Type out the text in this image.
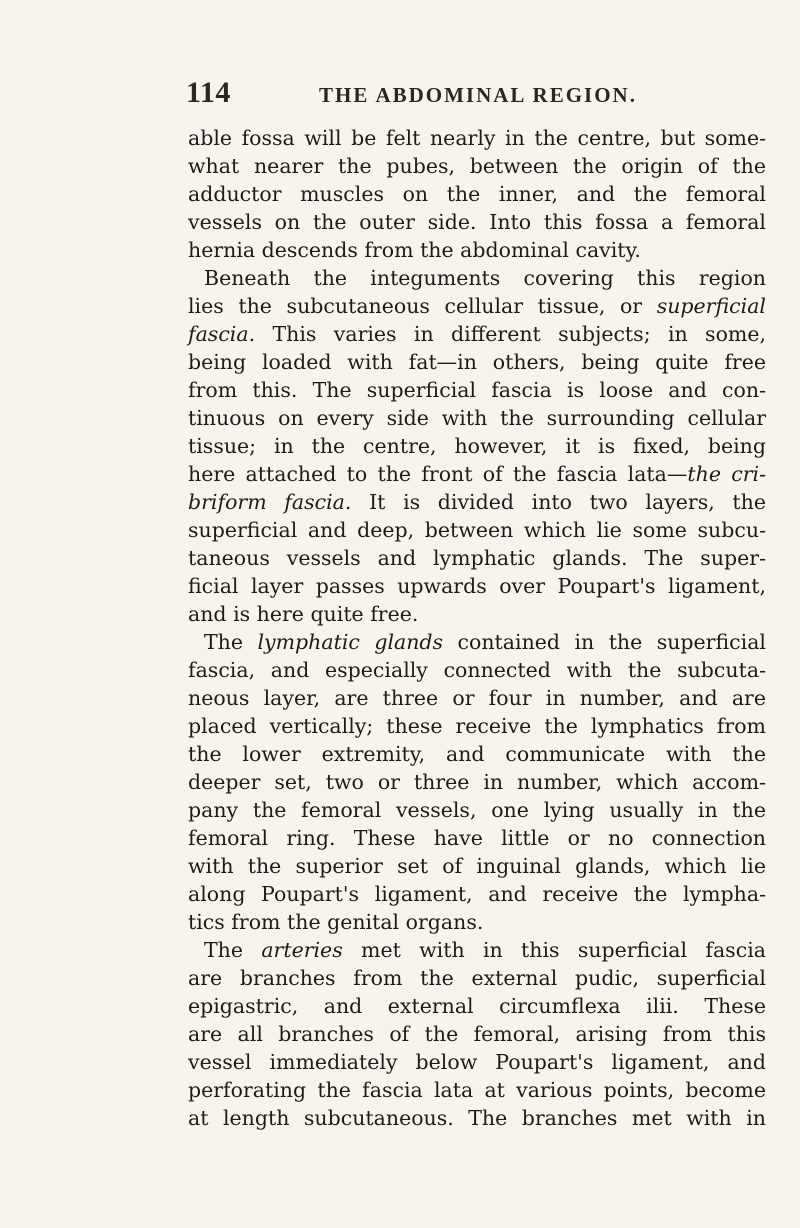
114	THE ABDOMINAL REGION.
able fossa will be felt nearly in the centre, but some-
what nearer the pubes, between the origin of the
adductor muscles on the inner, and the femoral
vessels on the outer side. Into this fossa a femoral
hernia descends from the abdominal cavity.
Beneath the integuments covering this region
lies the subcutaneous cellular tissue, or superficial
fascia. This varies in different subjects; in some,
being loaded with fat—in others, being quite free
from this. The superficial fascia is loose and con-
tinuous on every side with the surrounding cellular
tissue; in the centre, however, it is fixed, being
here attached to the front of the fascia lata—the cri-
briform fascia. It is divided into two layers, the
superficial and deep, between which lie some subcu-
taneous vessels and lymphatic glands. The super-
ficial layer passes upwards over Poupart's ligament,
and is here quite free.
The lymphatic glands contained in the superficial
fascia, and especially connected with the subcuta-
neous layer, are three or four in number, and are
placed vertically; these receive the lymphatics from
the lower extremity, and communicate with the
deeper set, two or three in number, which accom-
pany the femoral vessels, one lying usually in the
femoral ring. These have little or no connection
with the superior set of inguinal glands, which lie
along Poupart's ligament, and receive the lympha-
tics from the genital organs.
The arteries met with in this superficial fascia
are branches from the external pudic, superficial
epigastric, and external circumflexa ilii. These
are all branches of the femoral, arising from this
vessel immediately below Poupart's ligament, and
perforating the fascia lata at various points, become
at length subcutaneous. The branches met with in
